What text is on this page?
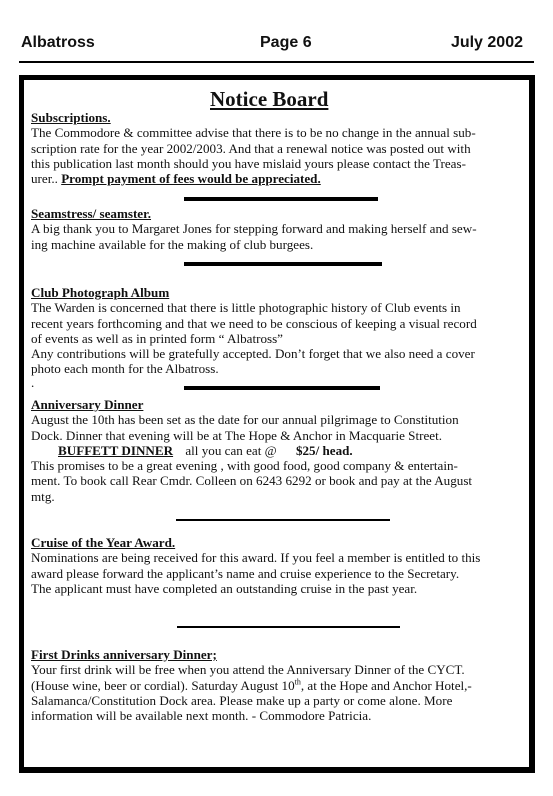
Albatross	Page 6	July 2002
Notice Board
Subscriptions.

The Commodore & committee advise that there is to be no change in the annual sub-

scription rate for the year 2002/2003. And that a renewal notice was posted out with

this publication last month should you have mislaid yours please contact the Treas-

urer.. Prompt payment of fees would be appreciated.

Seamstress/ seamster.

A big thank you to Margaret Jones for stepping forward and making herself and sew-

ing machine available for the making of club burgees.

Club Photograph Album

The Warden is concerned that there is little photographic history of Club events in

recent years forthcoming and that we need to be conscious of keeping a visual record

of events as well as in printed form “ Albatross”

Any contributions will be gratefully accepted. Don’t forget that we also need a cover

photo each month for the Albatross.

.

Anniversary Dinner

August the 10th has been set as the date for our annual pilgrimage to Constitution

Dock. Dinner that evening will be at The Hope & Anchor in Macquarie Street.

BUFFETT DINNER all you can eat @ $25/ head.

This promises to be a great evening , with good food, good company & entertain-

ment. To book call Rear Cmdr. Colleen on 6243 6292 or book and pay at the August

mtg.

Cruise of the Year Award.

Nominations are being received for this award. If you feel a member is entitled to this

award please forward the applicant’s name and cruise experience to the Secretary.

The applicant must have completed an outstanding cruise in the past year.

First Drinks anniversary Dinner;

Your first drink will be free when you attend the Anniversary Dinner of the CYCT.

(House wine, beer or cordial). Saturday August 10th, at the Hope and Anchor Hotel,-

Salamanca/Constitution Dock area. Please make up a party or come alone. More

information will be available next month. - Commodore Patricia.
